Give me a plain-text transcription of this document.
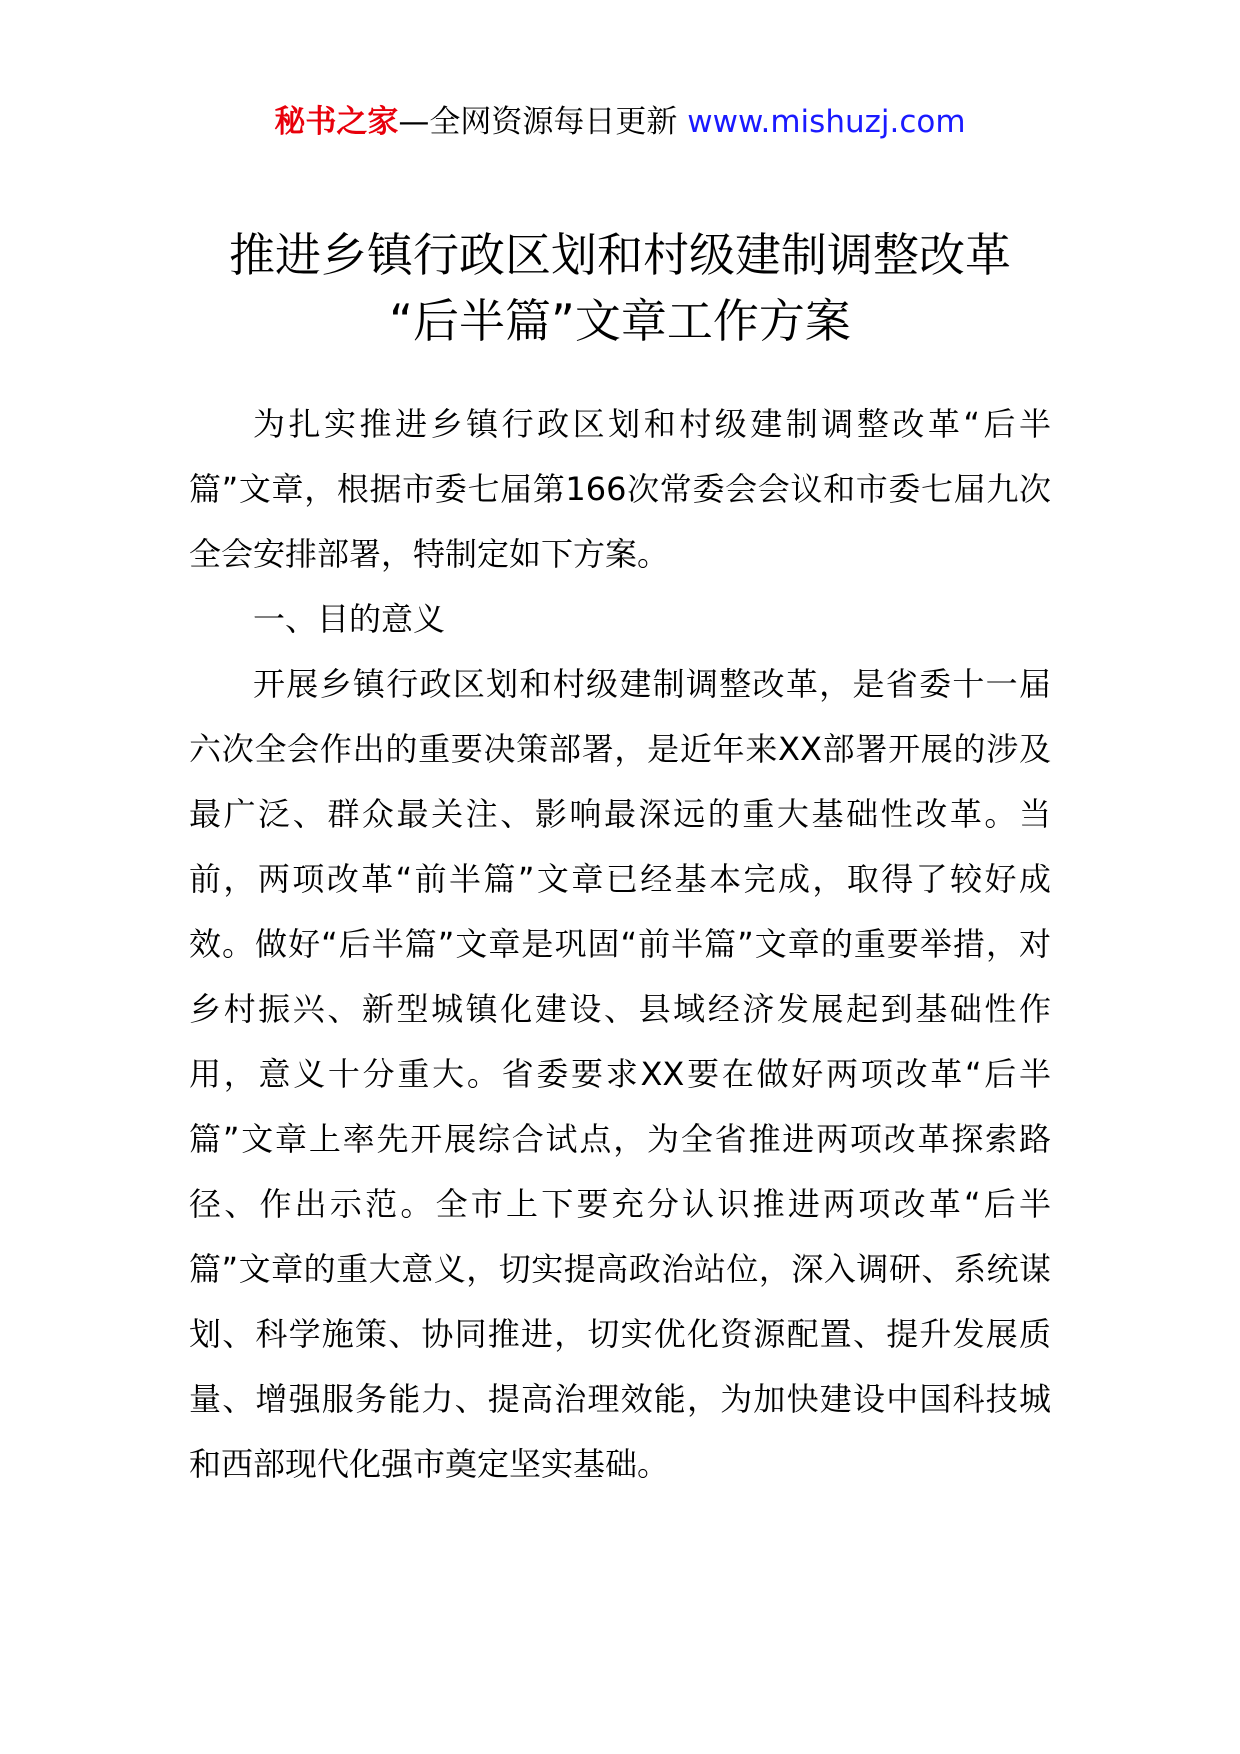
秘书之家—全网资源每日更新 www.mishuzj.com
推进乡镇行政区划和村级建制调整改革
“后半篇”文章工作方案

为扎实推进乡镇行政区划和村级建制调整改革“后半篇”文章，根据市委七届第166次常委会会议和市委七届九次全会安排部署，特制定如下方案。

一、目的意义

开展乡镇行政区划和村级建制调整改革，是省委十一届六次全会作出的重要决策部署，是近年来XX部署开展的涉及最广泛、群众最关注、影响最深远的重大基础性改革。当前，两项改革“前半篇”文章已经基本完成，取得了较好成效。做好“后半篇”文章是巩固“前半篇”文章的重要举措，对乡村振兴、新型城镇化建设、县域经济发展起到基础性作用，意义十分重大。省委要求XX要在做好两项改革“后半篇”文章上率先开展综合试点，为全省推进两项改革探索路径、作出示范。全市上下要充分认识推进两项改革“后半篇”文章的重大意义，切实提高政治站位，深入调研、系统谋划、科学施策、协同推进，切实优化资源配置、提升发展质量、增强服务能力、提高治理效能，为加快建设中国科技城和西部现代化强市奠定坚实基础。
